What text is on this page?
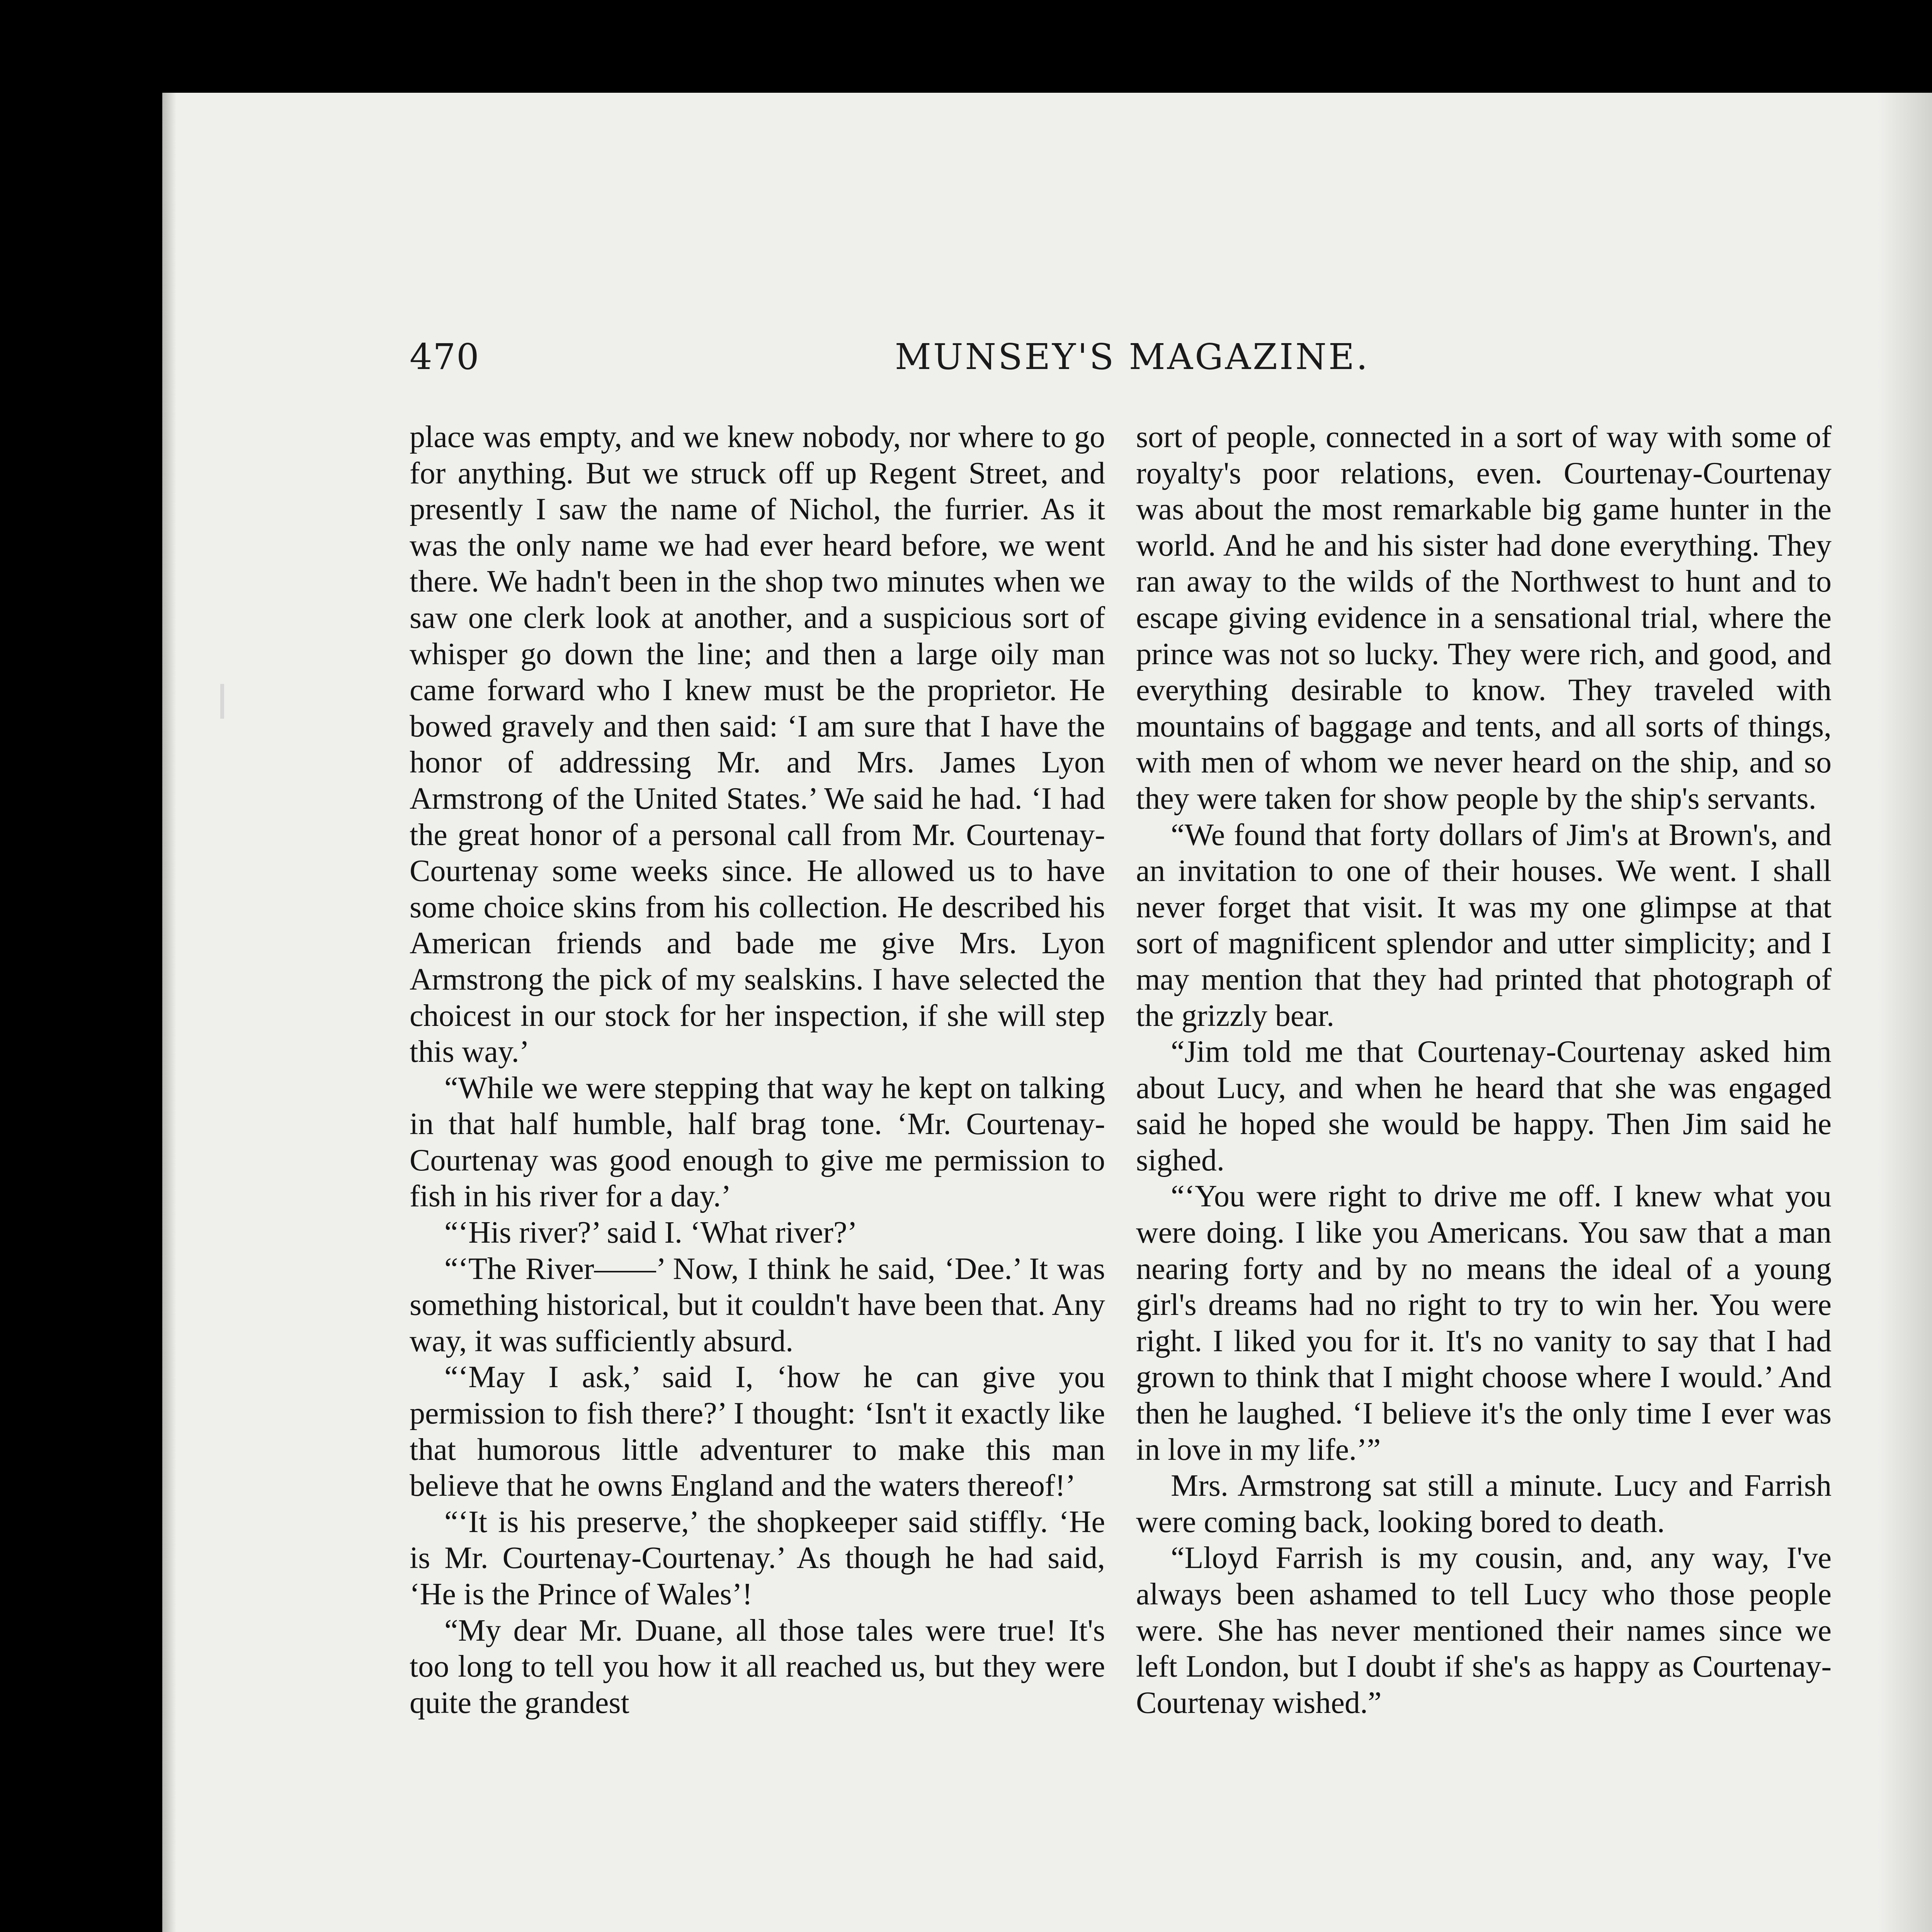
470	MUNSEY'S MAGAZINE.

place was empty, and we knew nobody, nor where to go for anything. But we struck off up Regent Street, and presently I saw the name of Nichol, the furrier. As it was the only name we had ever heard before, we went there. We hadn't been in the shop two minutes when we saw one clerk look at another, and a suspicious sort of whisper go down the line; and then a large oily man came forward who I knew must be the proprietor. He bowed gravely and then said: ‘I am sure that I have the honor of addressing Mr. and Mrs. James Lyon Armstrong of the United States.’ We said he had. ‘I had the great honor of a personal call from Mr. Courtenay-Courtenay some weeks since. He allowed us to have some choice skins from his collection. He described his American friends and bade me give Mrs. Lyon Armstrong the pick of my sealskins. I have selected the choicest in our stock for her inspection, if she will step this way.’

“While we were stepping that way he kept on talking in that half humble, half brag tone. ‘Mr. Courtenay-Courtenay was good enough to give me permission to fish in his river for a day.’

“‘His river?’ said I. ‘What river?’

“‘The River——’ Now, I think he said, ‘Dee.’ It was something historical, but it couldn't have been that. Any way, it was sufficiently absurd.

“‘May I ask,’ said I, ‘how he can give you permission to fish there?’ I thought: ‘Isn't it exactly like that humorous little adventurer to make this man believe that he owns England and the waters thereof!’

“‘It is his preserve,’ the shopkeeper said stiffly. ‘He is Mr. Courtenay-Courtenay.’ As though he had said, ‘He is the Prince of Wales’!

“My dear Mr. Duane, all those tales were true! It's too long to tell you how it all reached us, but they were quite the grandest

sort of people, connected in a sort of way with some of royalty's poor relations, even. Courtenay-Courtenay was about the most remarkable big game hunter in the world. And he and his sister had done everything. They ran away to the wilds of the Northwest to hunt and to escape giving evidence in a sensational trial, where the prince was not so lucky. They were rich, and good, and everything desirable to know. They traveled with mountains of baggage and tents, and all sorts of things, with men of whom we never heard on the ship, and so they were taken for show people by the ship's servants.

“We found that forty dollars of Jim's at Brown's, and an invitation to one of their houses. We went. I shall never forget that visit. It was my one glimpse at that sort of magnificent splendor and utter simplicity; and I may mention that they had printed that photograph of the grizzly bear.

“Jim told me that Courtenay-Courtenay asked him about Lucy, and when he heard that she was engaged said he hoped she would be happy. Then Jim said he sighed.

“‘You were right to drive me off. I knew what you were doing. I like you Americans. You saw that a man nearing forty and by no means the ideal of a young girl's dreams had no right to try to win her. You were right. I liked you for it. It's no vanity to say that I had grown to think that I might choose where I would.’ And then he laughed. ‘I believe it's the only time I ever was in love in my life.’”

Mrs. Armstrong sat still a minute. Lucy and Farrish were coming back, looking bored to death.

“Lloyd Farrish is my cousin, and, any way, I've always been ashamed to tell Lucy who those people were. She has never mentioned their names since we left London, but I doubt if she's as happy as Courtenay-Courtenay wished.”
